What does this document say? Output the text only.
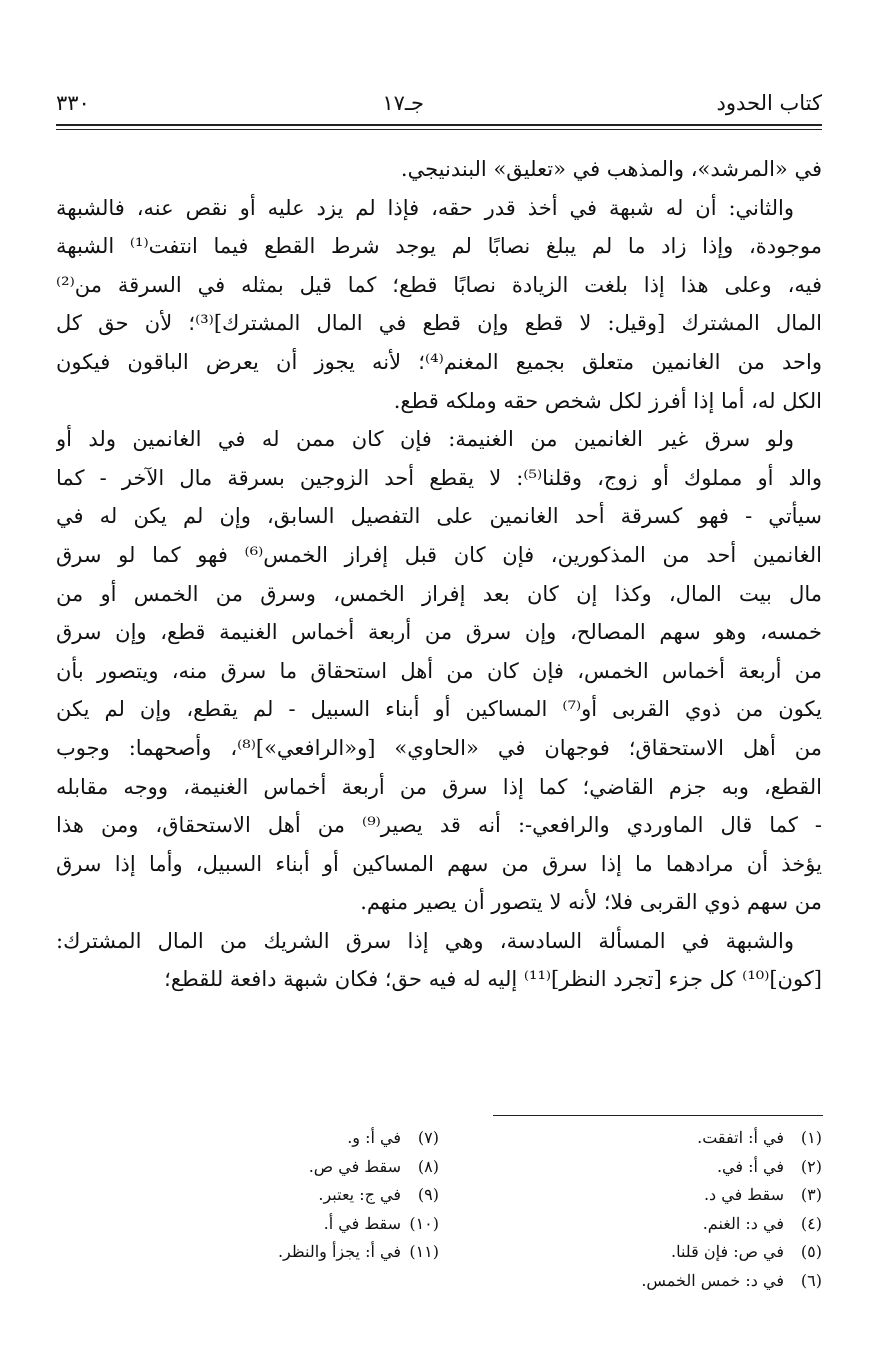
٣٣٠	جـ١٧	كتاب الحدود
في «المرشد»، والمذهب في «تعليق» البندنيجي.
والثاني: أن له شبهة في أخذ قدر حقه، فإذا لم يزد عليه أو نقص عنه، فالشبهة
موجودة، وإذا زاد ما لم يبلغ نصابًا لم يوجد شرط القطع فيما انتفت⁽¹⁾ الشبهة
فيه، وعلى هذا إذا بلغت الزيادة نصابًا قطع؛ كما قيل بمثله في السرقة من⁽²⁾
المال المشترك [وقيل: لا قطع وإن قطع في المال المشترك]⁽³⁾؛ لأن حق كل
واحد من الغانمين متعلق بجميع المغنم⁽⁴⁾؛ لأنه يجوز أن يعرض الباقون فيكون
الكل له، أما إذا أفرز لكل شخص حقه وملكه قطع.
ولو سرق غير الغانمين من الغنيمة: فإن كان ممن له في الغانمين ولد أو
والد أو مملوك أو زوج، وقلنا⁽⁵⁾: لا يقطع أحد الزوجين بسرقة مال الآخر - كما
سيأتي - فهو كسرقة أحد الغانمين على التفصيل السابق، وإن لم يكن له في
الغانمين أحد من المذكورين، فإن كان قبل إفراز الخمس⁽⁶⁾ فهو كما لو سرق
مال بيت المال، وكذا إن كان بعد إفراز الخمس، وسرق من الخمس أو من
خمسه، وهو سهم المصالح، وإن سرق من أربعة أخماس الغنيمة قطع، وإن سرق
من أربعة أخماس الخمس، فإن كان من أهل استحقاق ما سرق منه، ويتصور بأن
يكون من ذوي القربى أو⁽⁷⁾ المساكين أو أبناء السبيل - لم يقطع، وإن لم يكن
من أهل الاستحقاق؛ فوجهان في «الحاوي» [و«الرافعي»]⁽⁸⁾، وأصحهما: وجوب
القطع، وبه جزم القاضي؛ كما إذا سرق من أربعة أخماس الغنيمة، ووجه مقابله
- كما قال الماوردي والرافعي-: أنه قد يصير⁽⁹⁾ من أهل الاستحقاق، ومن هذا
يؤخذ أن مرادهما ما إذا سرق من سهم المساكين أو أبناء السبيل، وأما إذا سرق
من سهم ذوي القربى فلا؛ لأنه لا يتصور أن يصير منهم.
والشبهة في المسألة السادسة، وهي إذا سرق الشريك من المال المشترك:
[كون]⁽¹⁰⁾ كل جزء [تجرد النظر]⁽¹¹⁾ إليه له فيه حق؛ فكان شبهة دافعة للقطع؛
(١)في أ: اتفقت.
(٢)في أ: في.
(٣)سقط في د.
(٤)في د: الغنم.
(٥)في ص: فإن قلنا.
(٦)في د: خمس الخمس.
(٧)في أ: و.
(٨)سقط في ص.
(٩)في ج: يعتبر.
(١٠)سقط في أ.
(١١)في أ: يجزأ والنظر.
